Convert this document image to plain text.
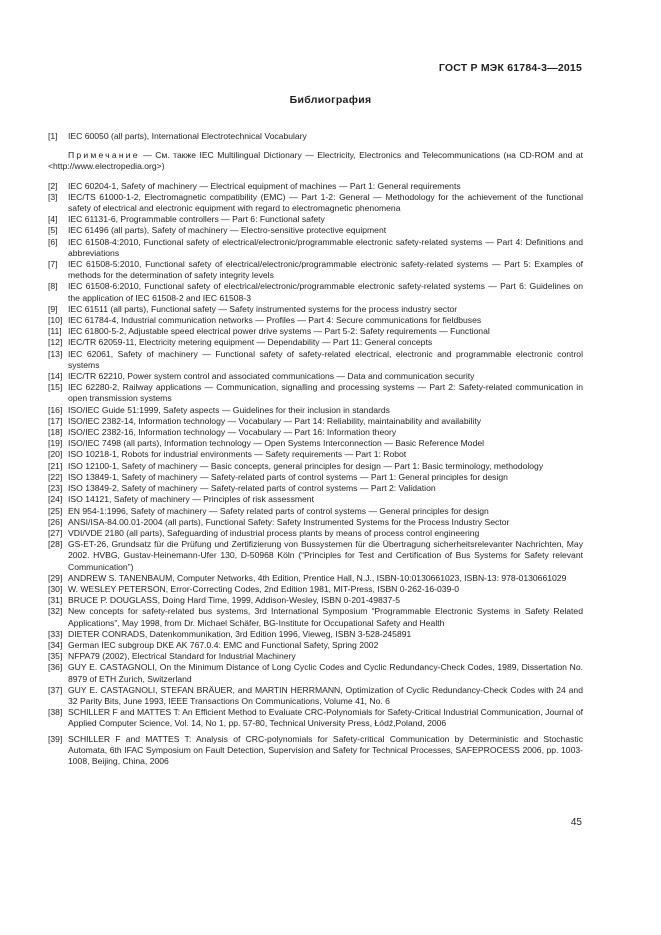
ГОСТ Р МЭК 61784-3—2015
Библиография
[1] IEC 60050 (all parts), International Electrotechnical Vocabulary
Примечание — См. также IEC Multilingual Dictionary — Electricity, Electronics and Telecommunications (на CD-ROM and at <http://www.electropedia.org>)
[2] IEC 60204-1, Safety of machinery — Electrical equipment of machines — Part 1: General requirements
[3] IEC/TS 61000-1-2, Electromagnetic compatibility (EMC) — Part 1-2: General — Methodology for the achievement of the functional safety of electrical and electronic equipment with regard to electromagnetic phenomena
[4] IEC 61131-6, Programmable controllers — Part 6: Functional safety
[5] IEC 61496 (all parts), Safety of machinery — Electro-sensitive protective equipment
[6] IEC 61508-4:2010, Functional safety of electrical/electronic/programmable electronic safety-related systems — Part 4: Definitions and abbreviations
[7] IEC 61508-5:2010, Functional safety of electrical/electronic/programmable electronic safety-related systems — Part 5: Examples of methods for the determination of safety integrity levels
[8] IEC 61508-6:2010, Functional safety of electrical/electronic/programmable electronic safety-related systems — Part 6: Guidelines on the application of IEC 61508-2 and IEC 61508-3
[9] IEC 61511 (all parts), Functional safety — Safety instrumented systems for the process industry sector
[10] IEC 61784-4, Industrial communication networks — Profiles — Part 4: Secure communications for fieldbuses
[11] IEC 61800-5-2, Adjustable speed electrical power drive systems — Part 5-2: Safety requirements — Functional
[12] IEC/TR 62059-11, Electricity metering equipment — Dependability — Part 11: General concepts
[13] IEC 62061, Safety of machinery — Functional safety of safety-related electrical, electronic and programmable electronic control systems
[14] IEC/TR 62210, Power system control and associated communications — Data and communication security
[15] IEC 62280-2, Railway applications — Communication, signalling and processing systems — Part 2: Safety-related communication in open transmission systems
[16] ISO/IEC Guide 51:1999, Safety aspects — Guidelines for their inclusion in standards
[17] ISO/IEC 2382-14, Information technology — Vocabulary — Part 14: Reliability, maintainability and availability
[18] ISO/IEC 2382-16, Information technology — Vocabulary — Part 16: Information theory
[19] ISO/IEC 7498 (all parts), Information technology — Open Systems Interconnection — Basic Reference Model
[20] ISO 10218-1, Robots for industrial environments — Safety requirements — Part 1: Robot
[21] ISO 12100-1, Safety of machinery — Basic concepts, general principles for design — Part 1: Basic terminology, methodology
[22] ISO 13849-1, Safety of machinery — Safety-related parts of control systems — Part 1: General principles for design
[23] ISO 13849-2, Safety of machinery — Safety-related parts of control systems — Part 2: Validation
[24] ISO 14121, Safety of machinery — Principles of risk assessment
[25] EN 954-1:1996, Safety of machinery — Safety related parts of control systems — General principles for design
[26] ANSI/ISA-84.00.01-2004 (all parts), Functional Safety: Safety Instrumented Systems for the Process Industry Sector
[27] VDI/VDE 2180 (all parts), Safeguarding of industrial process plants by means of process control engineering
[28] GS-ET-26, Grundsatz für die Prüfung und Zertifizierung von Bussystemen für die Übertragung sicherheitsrelevanter Nachrichten, May 2002. HVBG, Gustav-Heinemann-Ufer 130, D-50968 Köln (“Principles for Test and Certification of Bus Systems for Safety relevant Communication”)
[29] ANDREW S. TANENBAUM, Computer Networks, 4th Edition, Prentice Hall, N.J., ISBN-10:0130661023, ISBN-13: 978-0130661029
[30] W. WESLEY PETERSON, Error-Correcting Codes, 2nd Edition 1981, MIT-Press, ISBN 0-262-16-039-0
[31] BRUCE P. DOUGLASS, Doing Hard Time, 1999, Addison-Wesley, ISBN 0-201-49837-5
[32] New concepts for safety-related bus systems, 3rd International Symposium “Programmable Electronic Systems in Safety Related Applications”, May 1998, from Dr. Michael Schäfer, BG-Institute for Occupational Safety and Health
[33] DIETER CONRADS, Datenkommunikation, 3rd Edition 1996, Vieweg, ISBN 3-528-245891
[34] German IEC subgroup DKE AK 767.0.4: EMC and Functional Safety, Spring 2002
[35] NFPA79 (2002), Electrical Standard for Industrial Machinery
[36] GUY E. CASTAGNOLI, On the Minimum Distance of Long Cyclic Codes and Cyclic Redundancy-Check Codes, 1989, Dissertation No. 8979 of ETH Zurich, Switzerland
[37] GUY E. CASTAGNOLI, STEFAN BRÄUER, and MARTIN HERRMANN, Optimization of Cyclic Redundancy-Check Codes with 24 and 32 Parity Bits, June 1993, IEEE Transactions On Communications, Volume 41, No. 6
[38] SCHILLER F and MATTES T: An Efficient Method to Evaluate CRC-Polynomials for Safety-Critical Industrial Communication, Journal of Applied Computer Science, Vol. 14, No 1, pp. 57-80, Technical University Press, Łódź,Poland, 2006
[39] SCHILLER F and MATTES T: Analysis of CRC-polynomials for Safety-critical Communication by Deterministic and Stochastic Automata, 6th IFAC Symposium on Fault Detection, Supervision and Safety for Technical Processes, SAFEPROCESS 2006, pp. 1003-1008, Beijing, China, 2006
45
